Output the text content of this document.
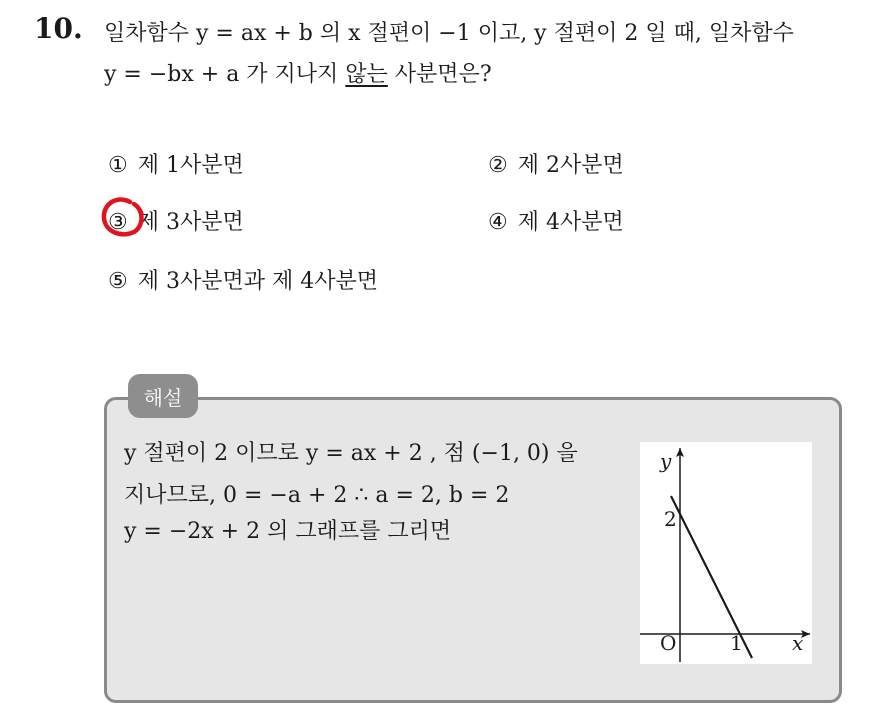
10. 일차함수 y = ax + b 의 x 절편이 −1 이고, y 절편이 2 일 때, 일차함수
y = −bx + a 가 지나지 않는 사분면은?
① 제 1사분면	② 제 2사분면
③ 제 3사분면	④ 제 4사분면
⑤ 제 3사분면과 제 4사분면
해설
y 절편이 2 이므로 y = ax + 2 , 점 (−1, 0) 을
지나므로, 0 = −a + 2 ∴ a = 2, b = 2
y = −2x + 2 의 그래프를 그리면
y
2
O	1 x
